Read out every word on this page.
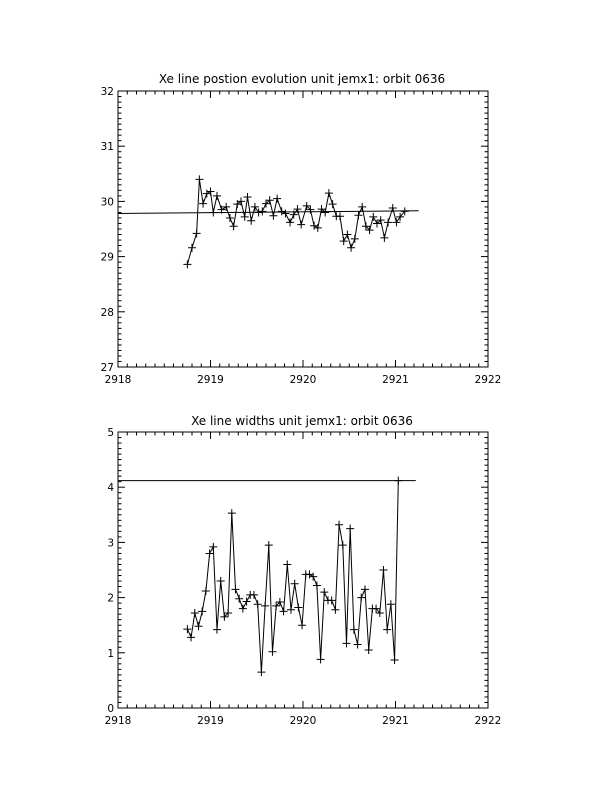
Xe line postion evolution unit jemx1: orbit 0636
Xe line widths unit jemx1: orbit 0636
2918	2919	2920	2921	2922
27
28
29
30
31
32
2918	2919	2920	2921	2922
0
1
2
3
4
5
